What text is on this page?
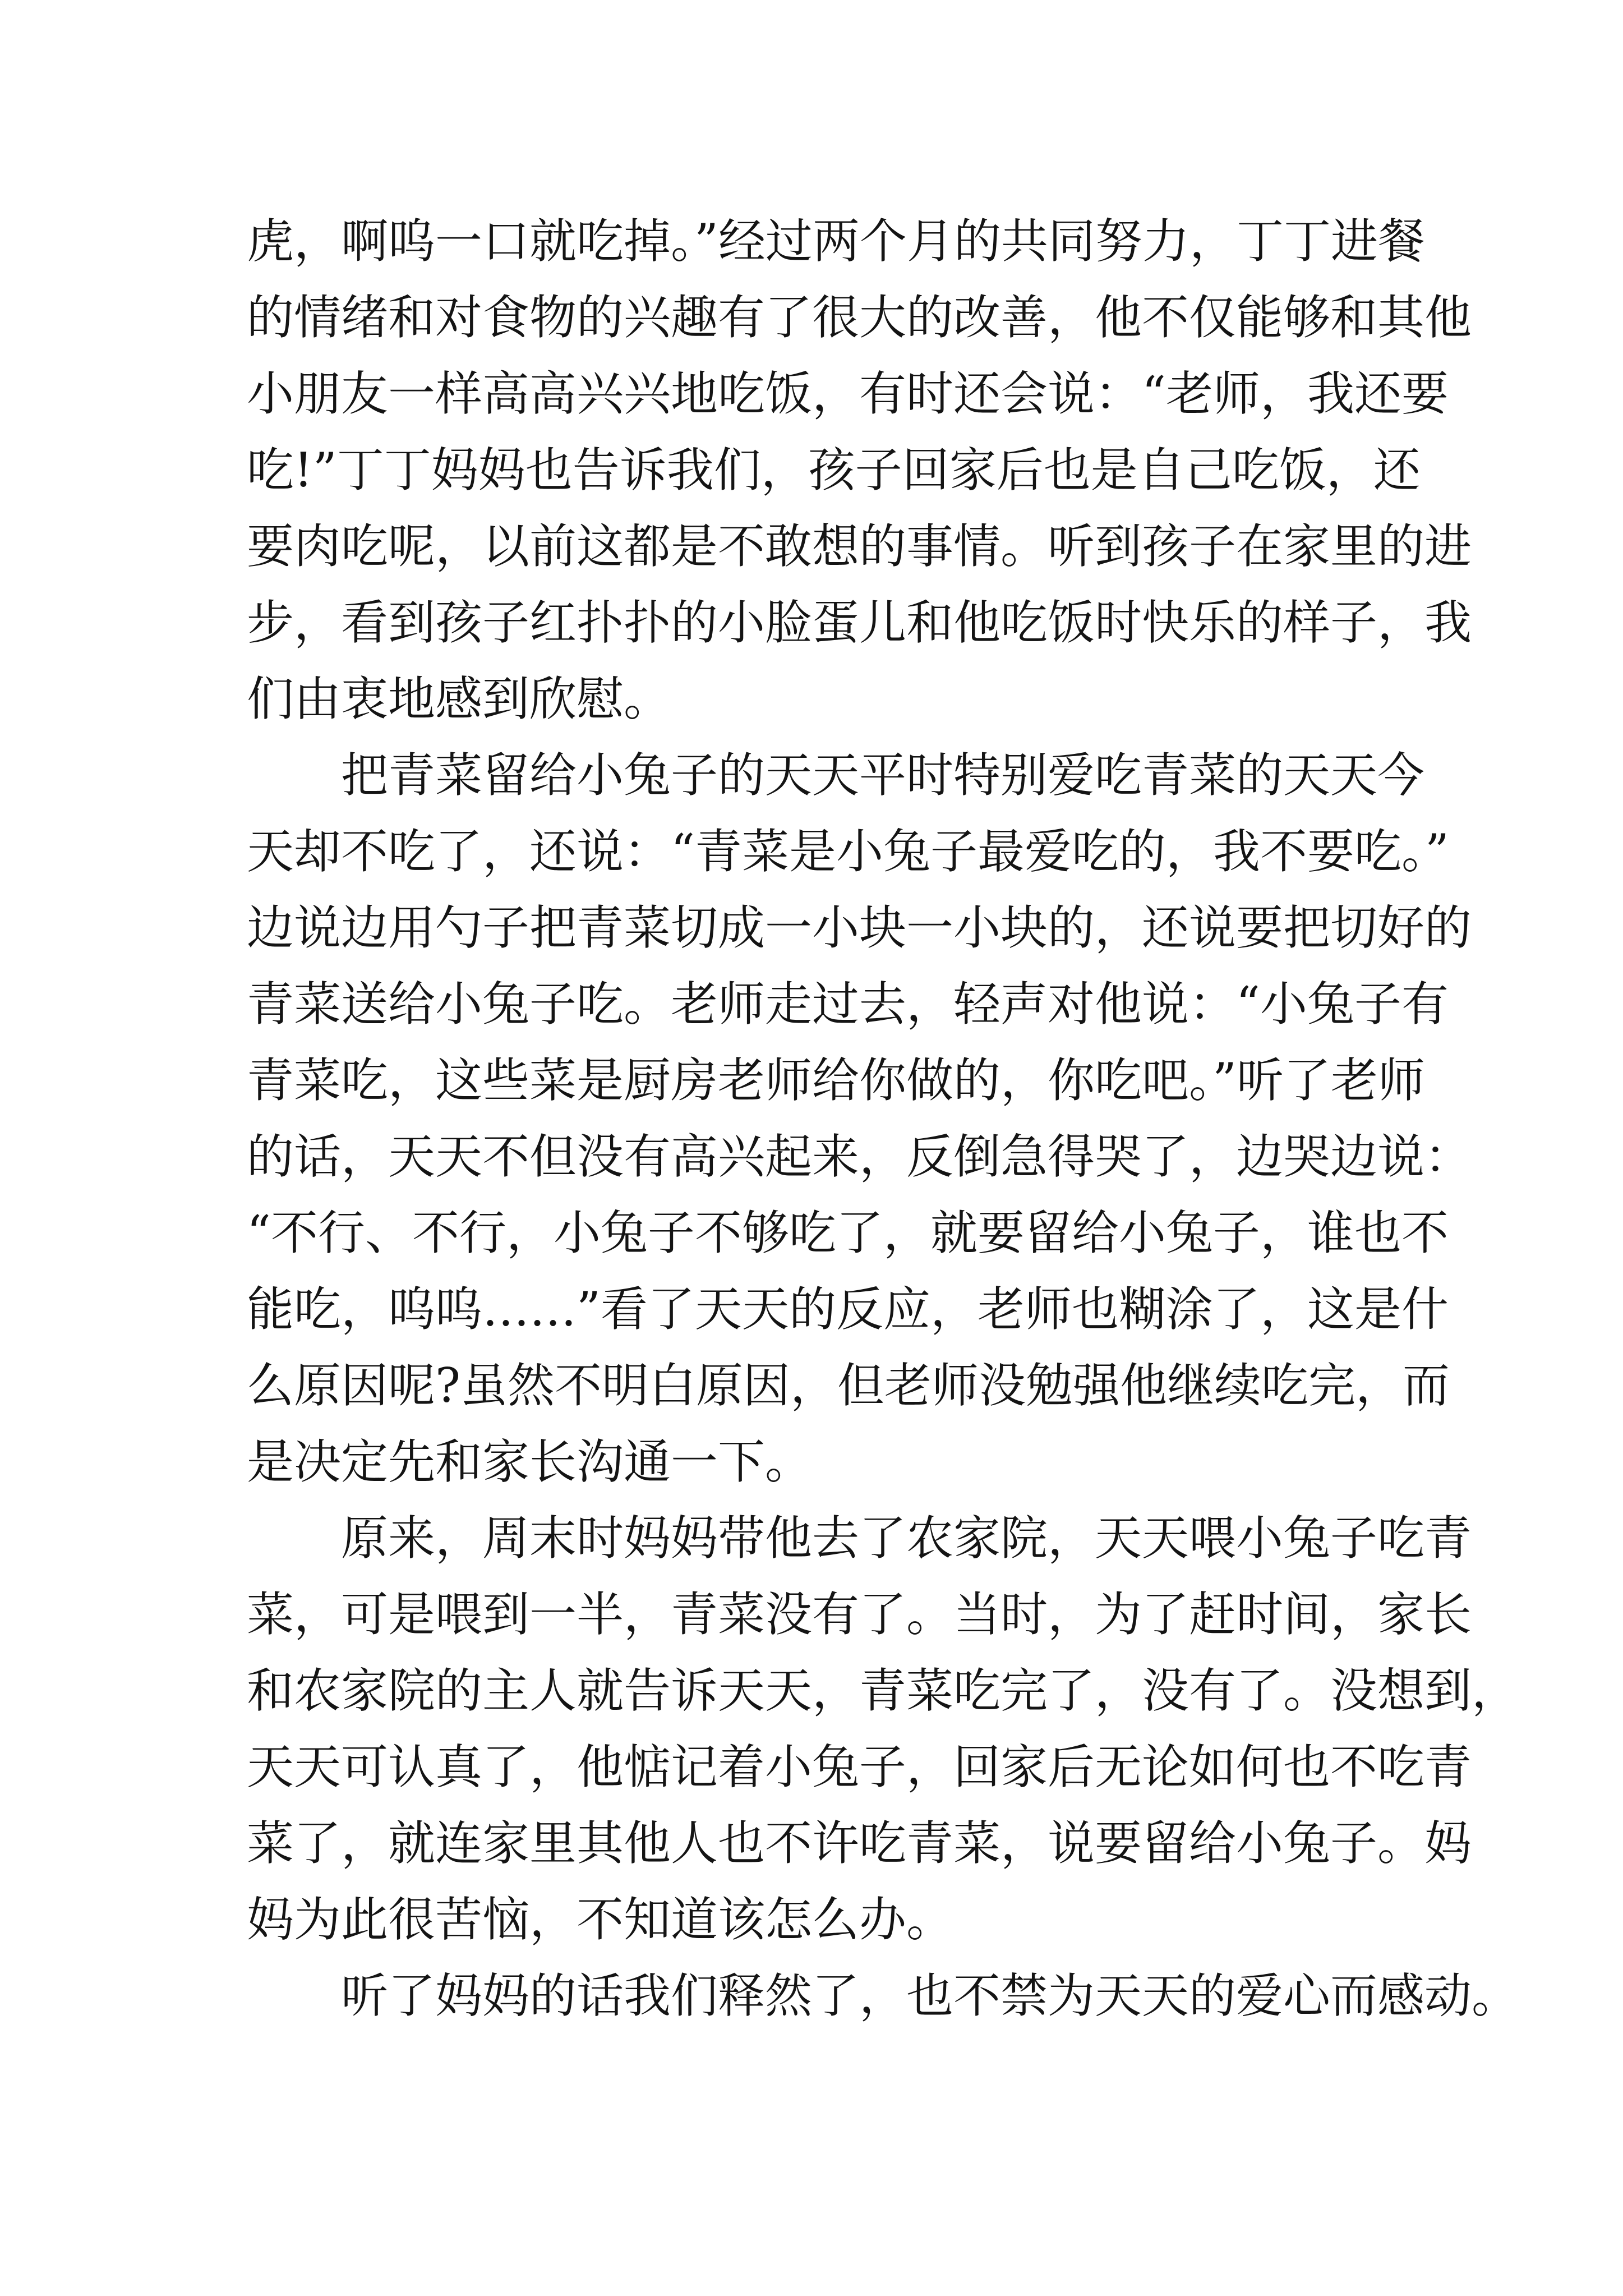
虎，啊呜一口就吃掉。”经过两个月的共同努力，丁丁进餐
的情绪和对食物的兴趣有了很大的改善，他不仅能够和其他
小朋友一样高高兴兴地吃饭，有时还会说：“老师，我还要
吃!”丁丁妈妈也告诉我们，孩子回家后也是自己吃饭，还
要肉吃呢，以前这都是不敢想的事情。听到孩子在家里的进
步，看到孩子红扑扑的小脸蛋儿和他吃饭时快乐的样子，我
们由衷地感到欣慰。
把青菜留给小兔子的天天平时特别爱吃青菜的天天今
天却不吃了，还说：“青菜是小兔子最爱吃的，我不要吃。”
边说边用勺子把青菜切成一小块一小块的，还说要把切好的
青菜送给小兔子吃。老师走过去，轻声对他说：“小兔子有
青菜吃，这些菜是厨房老师给你做的，你吃吧。”听了老师
的话，天天不但没有高兴起来，反倒急得哭了，边哭边说：
“不行、不行，小兔子不够吃了，就要留给小兔子，谁也不
能吃，呜呜……”看了天天的反应，老师也糊涂了，这是什
么原因呢?虽然不明白原因，但老师没勉强他继续吃完，而
是决定先和家长沟通一下。
原来，周末时妈妈带他去了农家院，天天喂小兔子吃青
菜，可是喂到一半，青菜没有了。当时，为了赶时间，家长
和农家院的主人就告诉天天，青菜吃完了，没有了。没想到，
天天可认真了，他惦记着小兔子，回家后无论如何也不吃青
菜了，就连家里其他人也不许吃青菜，说要留给小兔子。妈
妈为此很苦恼，不知道该怎么办。
听了妈妈的话我们释然了，也不禁为天天的爱心而感动。
